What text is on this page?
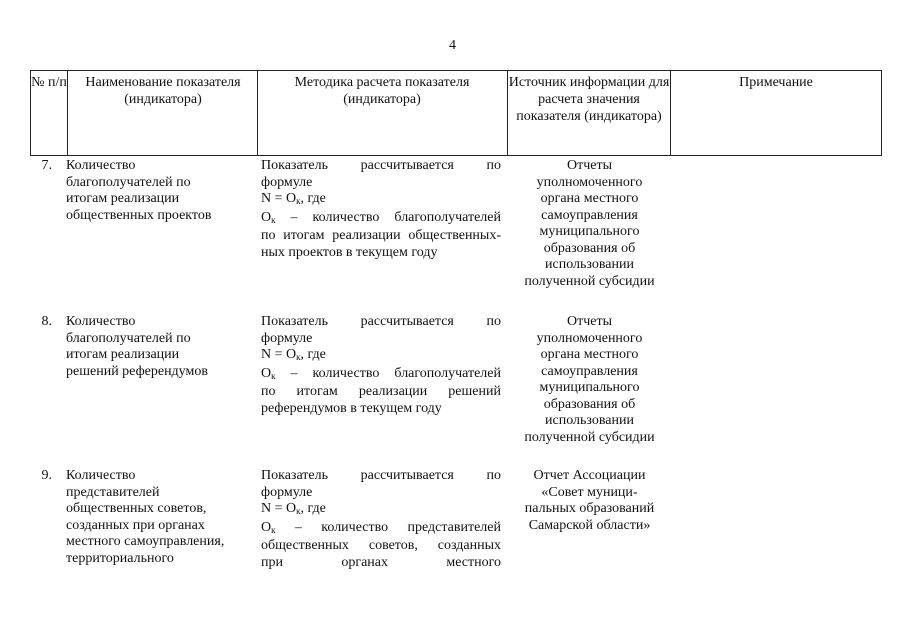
4
№ п/п	Наименование показателя (индикатора)
Методика расчета показателя (индикатора)
Источник информации для расчета значения показателя (индикатора)
Примечание
7. Количество
благополучателей по
итогам реализации
общественных проектов
Показатель рассчитывается по
формуле
$N = O_к$, где
$O_к$ – количество благополучателей
по итогам реализации общественных-
ных проектов в текущем году
Отчеты
уполномоченного
органа местного
самоуправления
муниципального
образования об
использовании
полученной субсидии
8. Количество
благополучателей по
итогам реализации
решений референдумов
Показатель рассчитывается по
формуле
$N = O_к$, где
$O_к$ – количество благополучателей
по итогам реализации решений
референдумов в текущем году
Отчеты
уполномоченного
органа местного
самоуправления
муниципального
образования об
использовании
полученной субсидии
9. Количество
представителей
общественных советов,
созданных при органах
местного самоуправления,
территориального
Показатель рассчитывается по
формуле
$N = O_к$, где
$O_к$ – количество представителей
общественных советов, созданных
при органах местного
Отчет Ассоциации
«Совет муници-
пальных образований
Самарской области»
